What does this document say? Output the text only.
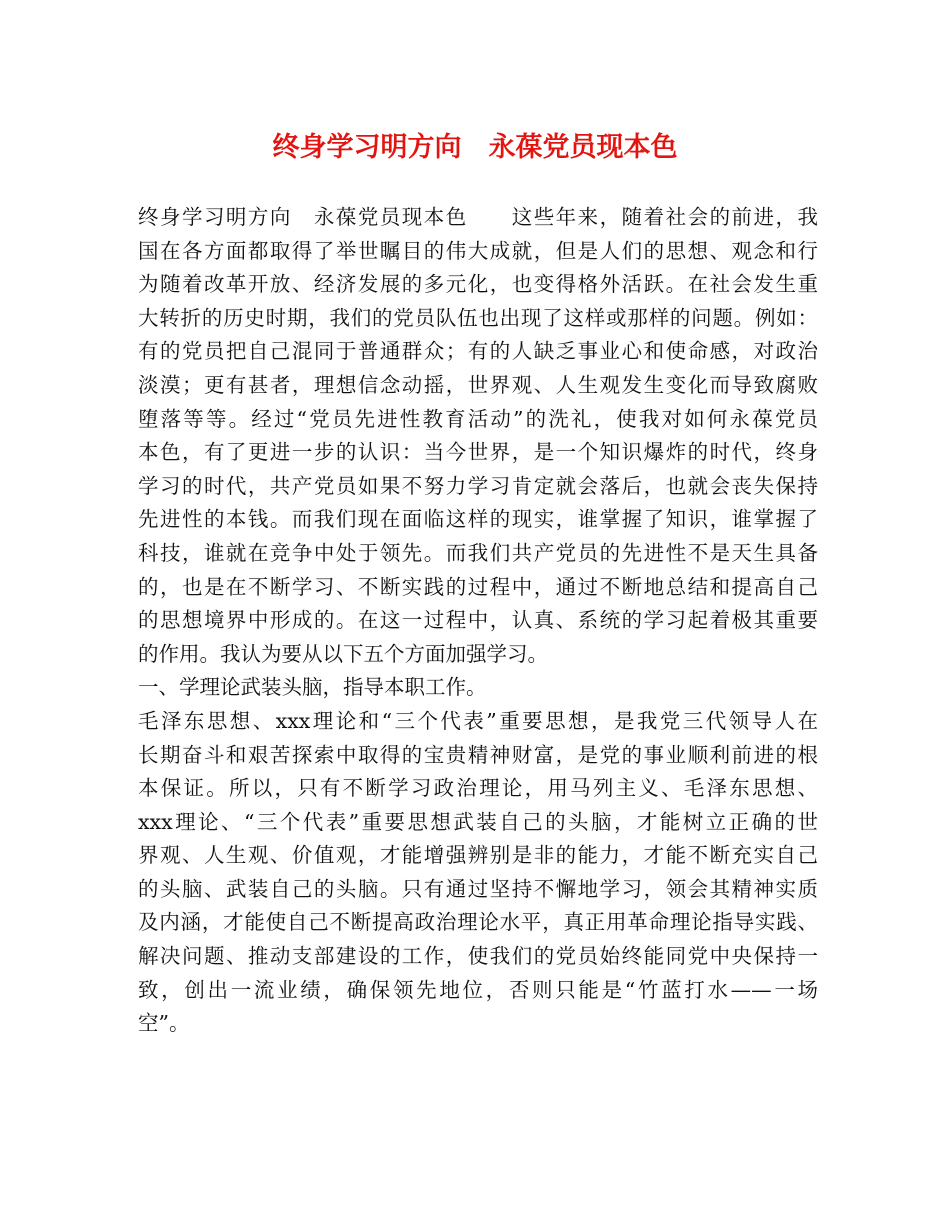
终身学习明方向　永葆党员现本色

终身学习明方向　永葆党员现本色　　这些年来，随着社会的前进，我

国在各方面都取得了举世瞩目的伟大成就，但是人们的思想、观念和行

为随着改革开放、经济发展的多元化，也变得格外活跃。在社会发生重

大转折的历史时期，我们的党员队伍也出现了这样或那样的问题。例如：

有的党员把自己混同于普通群众；有的人缺乏事业心和使命感，对政治

淡漠；更有甚者，理想信念动摇，世界观、人生观发生变化而导致腐败

堕落等等。经过“党员先进性教育活动”的洗礼，使我对如何永葆党员

本色，有了更进一步的认识：当今世界，是一个知识爆炸的时代，终身

学习的时代，共产党员如果不努力学习肯定就会落后，也就会丧失保持

先进性的本钱。而我们现在面临这样的现实，谁掌握了知识，谁掌握了

科技，谁就在竞争中处于领先。而我们共产党员的先进性不是天生具备

的，也是在不断学习、不断实践的过程中，通过不断地总结和提高自己

的思想境界中形成的。在这一过程中，认真、系统的学习起着极其重要

的作用。我认为要从以下五个方面加强学习。

一、学理论武装头脑，指导本职工作。

毛泽东思想、xxx理论和“三个代表”重要思想，是我党三代领导人在

长期奋斗和艰苦探索中取得的宝贵精神财富，是党的事业顺利前进的根

本保证。所以，只有不断学习政治理论，用马列主义、毛泽东思想、

xxx理论、“三个代表”重要思想武装自己的头脑，才能树立正确的世

界观、人生观、价值观，才能增强辨别是非的能力，才能不断充实自己

的头脑、武装自己的头脑。只有通过坚持不懈地学习，领会其精神实质

及内涵，才能使自己不断提高政治理论水平，真正用革命理论指导实践、

解决问题、推动支部建设的工作，使我们的党员始终能同党中央保持一

致，创出一流业绩，确保领先地位，否则只能是“竹蓝打水——一场

空”。
